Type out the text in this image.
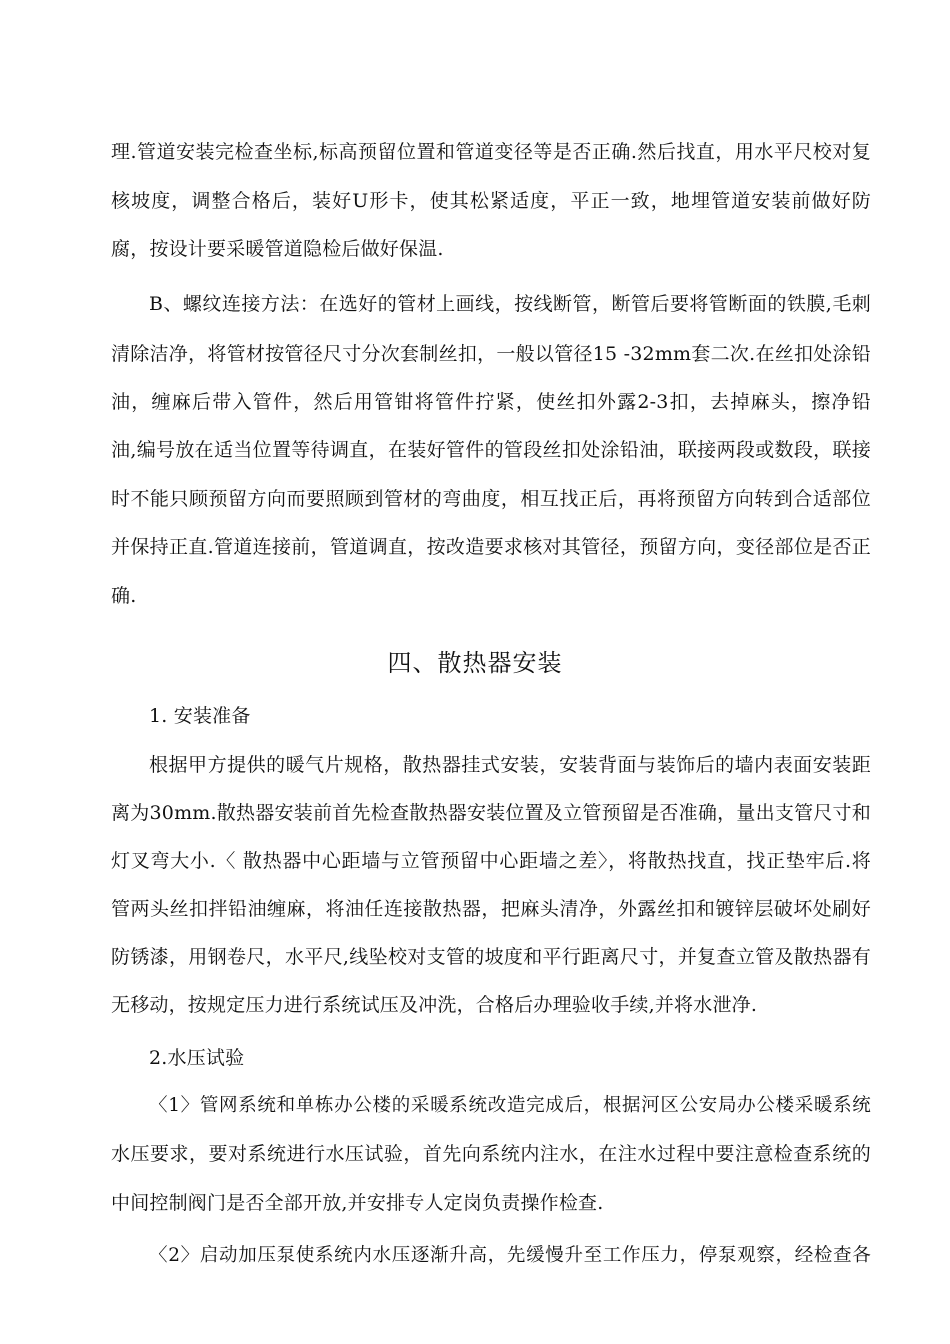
理.管道安装完检查坐标,标高预留位置和管道变径等是否正确.然后找直，用水平尺校对复
核坡度，调整合格后，装好U形卡，使其松紧适度，平正一致，地埋管道安装前做好防
腐，按设计要采暖管道隐检后做好保温.
B、螺纹连接方法：在选好的管材上画线，按线断管，断管后要将管断面的铁膜,毛刺
清除洁净，将管材按管径尺寸分次套制丝扣，一般以管径15 -32mm套二次.在丝扣处涂铅
油，缠麻后带入管件，然后用管钳将管件拧紧，使丝扣外露2-3扣，去掉麻头，擦净铅
油,编号放在适当位置等待调直，在装好管件的管段丝扣处涂铅油，联接两段或数段，联接
时不能只顾预留方向而要照顾到管材的弯曲度，相互找正后，再将预留方向转到合适部位
并保持正直.管道连接前，管道调直，按改造要求核对其管径，预留方向，变径部位是否正
确.
四、散热器安装
1. 安装准备
根据甲方提供的暖气片规格，散热器挂式安装，安装背面与装饰后的墙内表面安装距
离为30mm.散热器安装前首先检查散热器安装位置及立管预留是否准确，量出支管尺寸和
灯叉弯大小.〈 散热器中心距墙与立管预留中心距墙之差〉，将散热找直，找正垫牢后.将
管两头丝扣拌铅油缠麻，将油任连接散热器，把麻头清净，外露丝扣和镀锌层破坏处刷好
防锈漆，用钢卷尺，水平尺,线坠校对支管的坡度和平行距离尺寸，并复查立管及散热器有
无移动，按规定压力进行系统试压及冲洗，合格后办理验收手续,并将水泄净.
2.水压试验
〈1〉管网系统和单栋办公楼的采暖系统改造完成后，根据河区公安局办公楼采暖系统
水压要求，要对系统进行水压试验，首先向系统内注水，在注水过程中要注意检查系统的
中间控制阀门是否全部开放,并安排专人定岗负责操作检查.
〈2〉启动加压泵使系统内水压逐渐升高，先缓慢升至工作压力，停泵观察，经检查各
